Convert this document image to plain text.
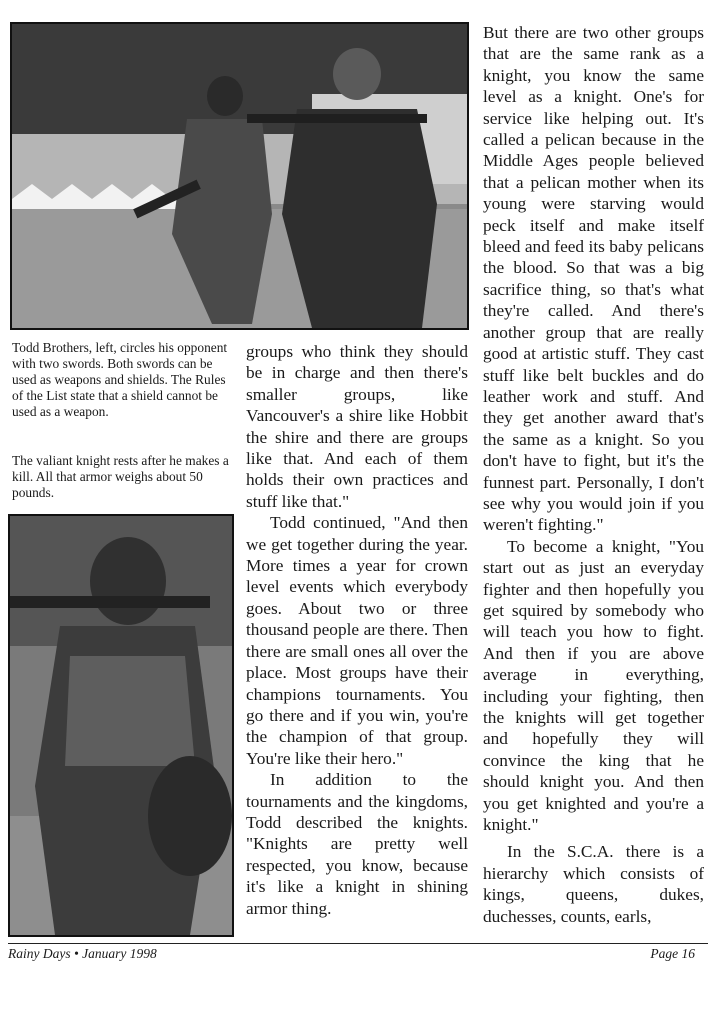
Todd Brothers, left, circles his opponent with two swords. Both swords can be used as weapons and shields. The Rules of the List state that a shield cannot be used as a weapon.

The valiant knight rests after he makes a kill. All that armor weighs about 50 pounds.

groups who think they should be in charge and then there's smaller groups, like Vancouver's a shire like Hobbit the shire and there are groups like that. And each of them holds their own practices and stuff like that."

Todd continued, "And then we get together during the year. More times a year for crown level events which everybody goes. About two or three thousand people are there. Then there are small ones all over the place. Most groups have their champions tournaments. You go there and if you win, you're the champion of that group. You're like their hero."

In addition to the tournaments and the kingdoms, Todd described the knights. "Knights are pretty well respected, you know, because it's like a knight in shining armor thing.

But there are two other groups that are the same rank as a knight, you know the same level as a knight. One's for service like helping out. It's called a pelican because in the Middle Ages people believed that a pelican mother when its young were starving would peck itself and make itself bleed and feed its baby pelicans the blood. So that was a big sacrifice thing, so that's what they're called. And there's another group that are really good at artistic stuff. They cast stuff like belt buckles and do leather work and stuff. And they get another award that's the same as a knight. So you don't have to fight, but it's the funnest part. Personally, I don't see why you would join if you weren't fighting."

To become a knight, "You start out as just an everyday fighter and then hopefully you get squired by somebody who will teach you how to fight. And then if you are above average in everything, including your fighting, then the knights will get together and hopefully they will convince the king that he should knight you. And then you get knighted and you're a knight."

In the S.C.A. there is a hierarchy which consists of kings, queens, dukes, duchesses, counts, earls,

Rainy Days • January 1998	Page 16
